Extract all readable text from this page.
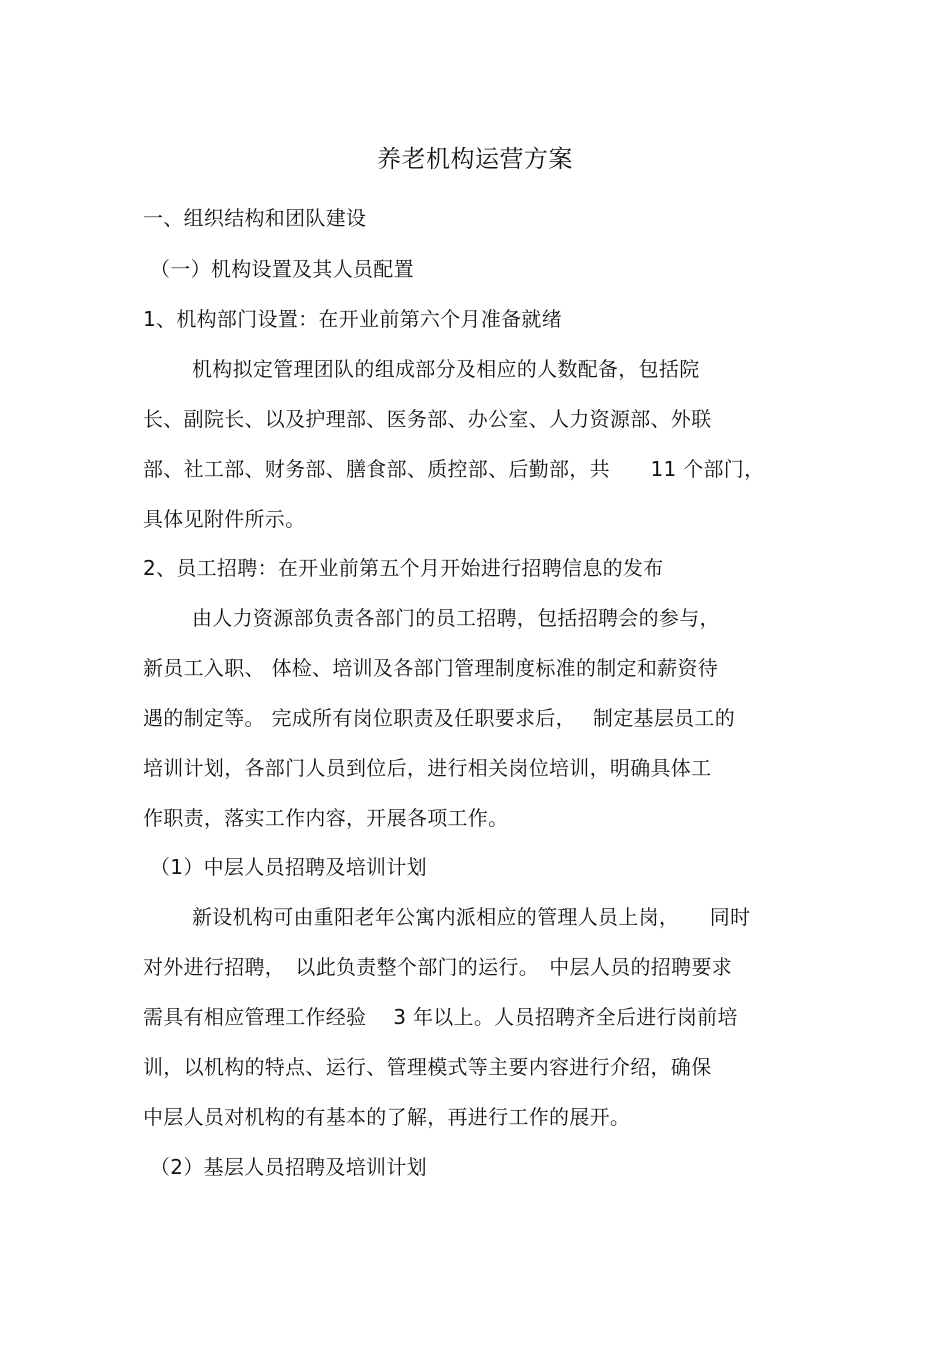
养老机构运营方案
一、组织结构和团队建设
（一）机构设置及其人员配置
1、机构部门设置：在开业前第六个月准备就绪
机构拟定管理团队的组成部分及相应的人数配备，包括院
长、副院长、以及护理部、医务部、办公室、人力资源部、外联
部、社工部、财务部、膳食部、质控部、后勤部，共　　11 个部门，
具体见附件所示。
2、员工招聘：在开业前第五个月开始进行招聘信息的发布
由人力资源部负责各部门的员工招聘，包括招聘会的参与，
新员工入职、 体检、培训及各部门管理制度标准的制定和薪资待
遇的制定等。 完成所有岗位职责及任职要求后，　 制定基层员工的
培训计划，各部门人员到位后，进行相关岗位培训，明确具体工
作职责，落实工作内容，开展各项工作。
（1）中层人员招聘及培训计划
新设机构可由重阳老年公寓内派相应的管理人员上岗，　　同时
对外进行招聘，　以此负责整个部门的运行。　中层人员的招聘要求
需具有相应管理工作经验　 3 年以上。人员招聘齐全后进行岗前培
训，以机构的特点、运行、管理模式等主要内容进行介绍，确保
中层人员对机构的有基本的了解，再进行工作的展开。
（2）基层人员招聘及培训计划
